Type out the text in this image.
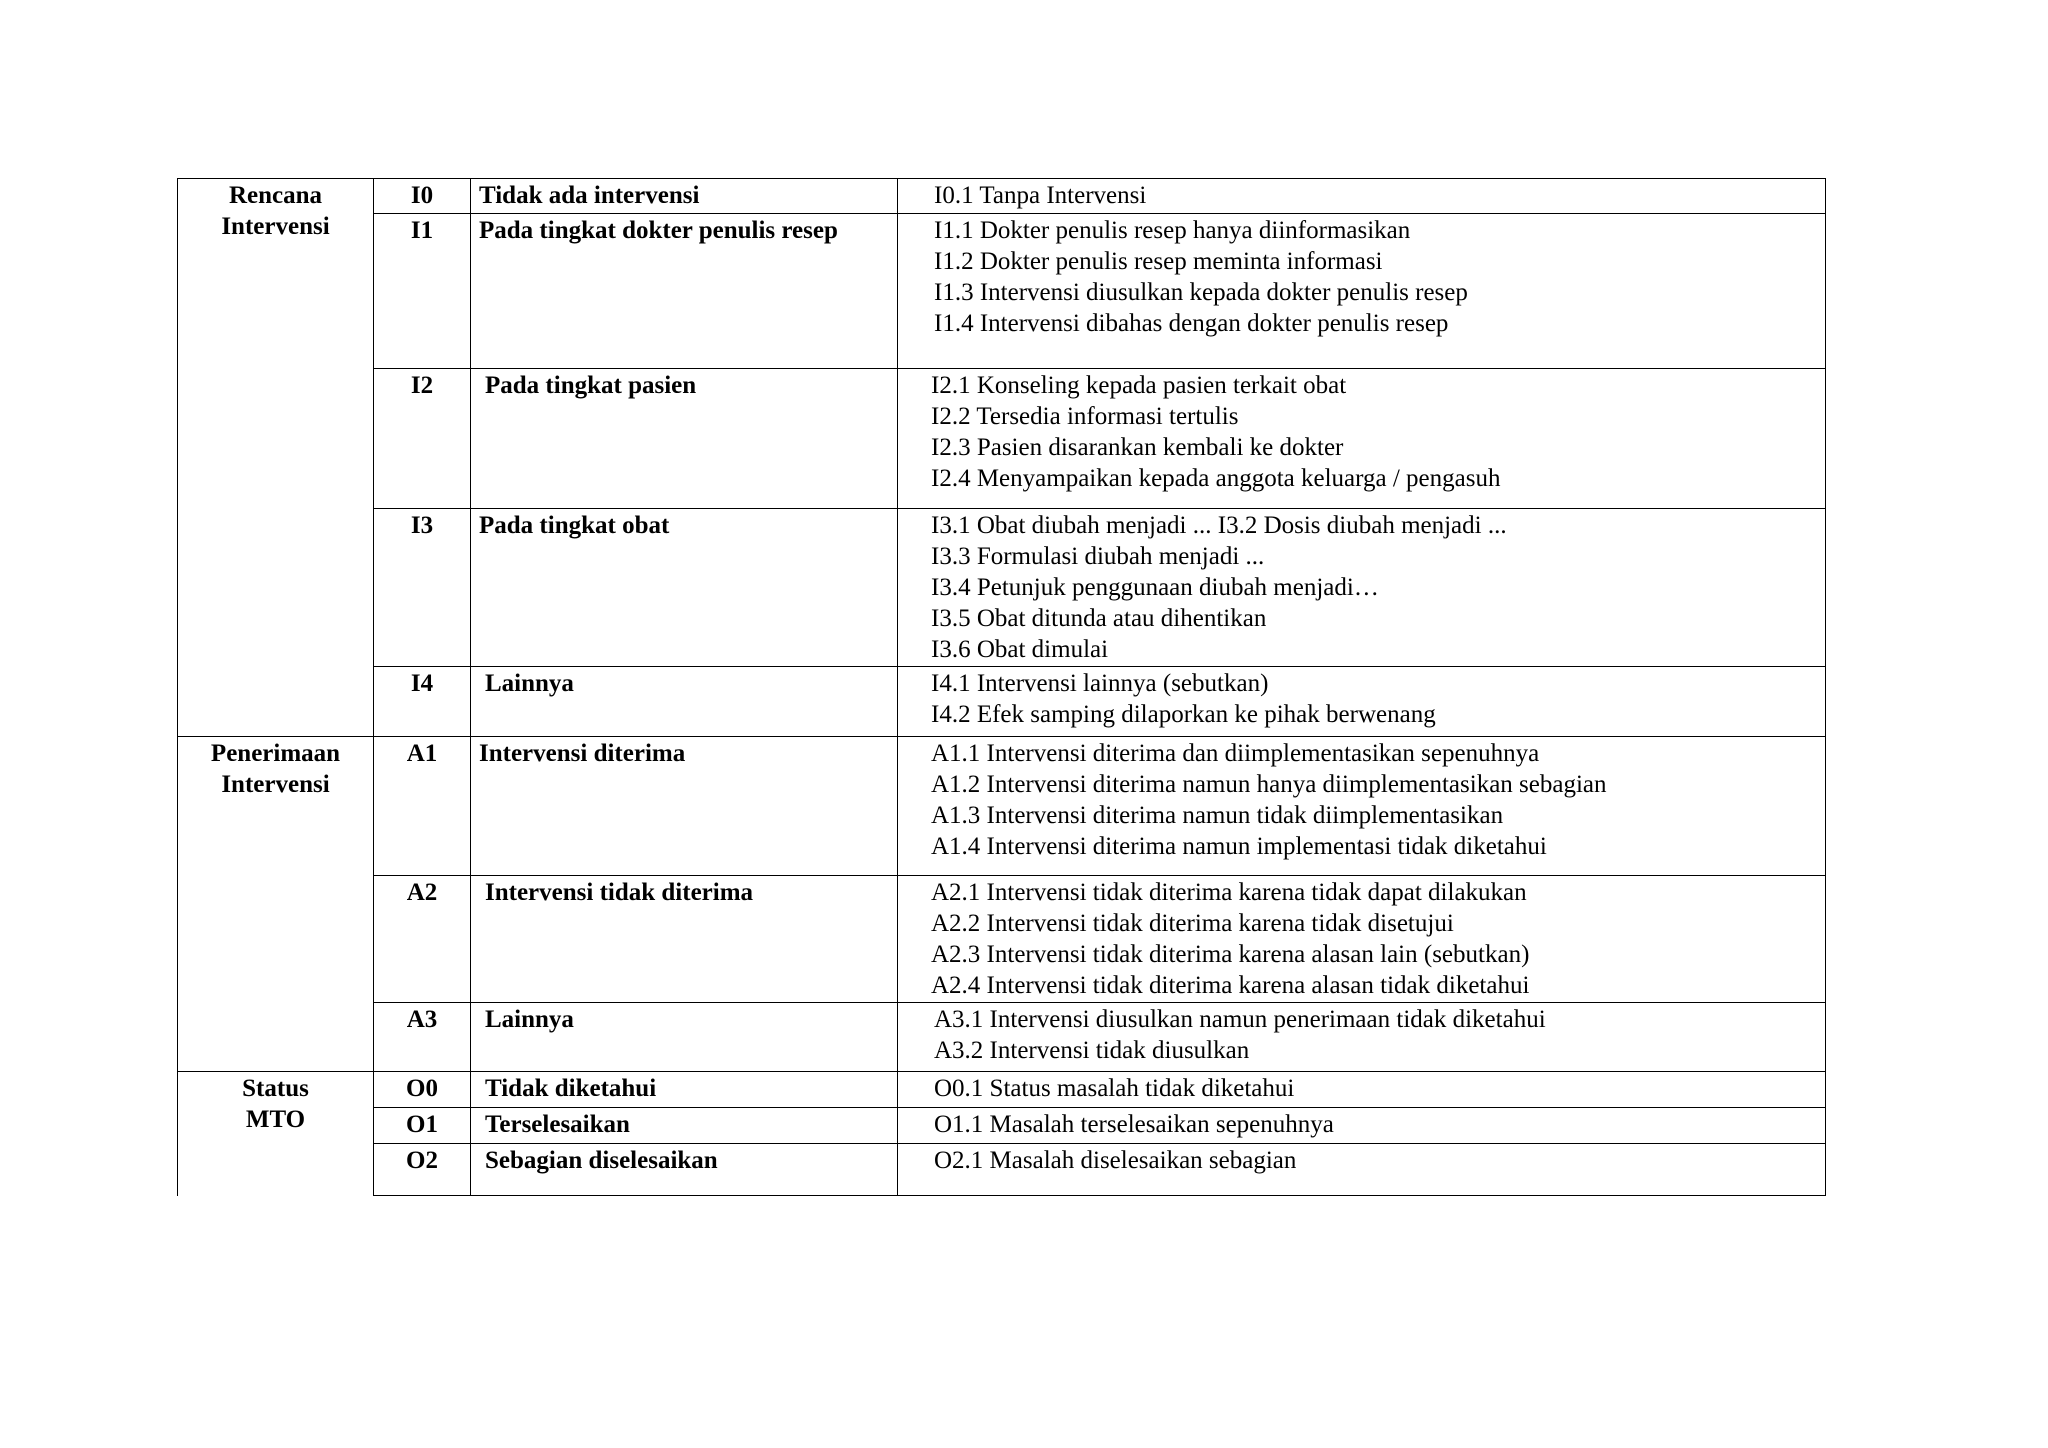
Rencana
Intervensi	I0	Tidak ada intervensi	I0.1 Tanpa Intervensi

	I1	Pada tingkat dokter penulis resep	I1.1 Dokter penulis resep hanya diinformasikan
I1.2 Dokter penulis resep meminta informasi
I1.3 Intervensi diusulkan kepada dokter penulis resep
I1.4 Intervensi dibahas dengan dokter penulis resep

	I2	Pada tingkat pasien	I2.1 Konseling kepada pasien terkait obat
I2.2 Tersedia informasi tertulis
I2.3 Pasien disarankan kembali ke dokter
I2.4 Menyampaikan kepada anggota keluarga / pengasuh

	I3	Pada tingkat obat	I3.1 Obat diubah menjadi ... I3.2 Dosis diubah menjadi ...
I3.3 Formulasi diubah menjadi ...
I3.4 Petunjuk penggunaan diubah menjadi…
I3.5 Obat ditunda atau dihentikan
I3.6 Obat dimulai

	I4	Lainnya	I4.1 Intervensi lainnya (sebutkan)
I4.2 Efek samping dilaporkan ke pihak berwenang

Penerimaan
Intervensi	A1	Intervensi diterima	A1.1 Intervensi diterima dan diimplementasikan sepenuhnya
A1.2 Intervensi diterima namun hanya diimplementasikan sebagian
A1.3 Intervensi diterima namun tidak diimplementasikan
A1.4 Intervensi diterima namun implementasi tidak diketahui

	A2	Intervensi tidak diterima	A2.1 Intervensi tidak diterima karena tidak dapat dilakukan
A2.2 Intervensi tidak diterima karena tidak disetujui
A2.3 Intervensi tidak diterima karena alasan lain (sebutkan)
A2.4 Intervensi tidak diterima karena alasan tidak diketahui

	A3	Lainnya	A3.1 Intervensi diusulkan namun penerimaan tidak diketahui
A3.2 Intervensi tidak diusulkan

Status
MTO	O0	Tidak diketahui	O0.1 Status masalah tidak diketahui

	O1	Terselesaikan	O1.1 Masalah terselesaikan sepenuhnya

	O2	Sebagian diselesaikan	O2.1 Masalah diselesaikan sebagian
